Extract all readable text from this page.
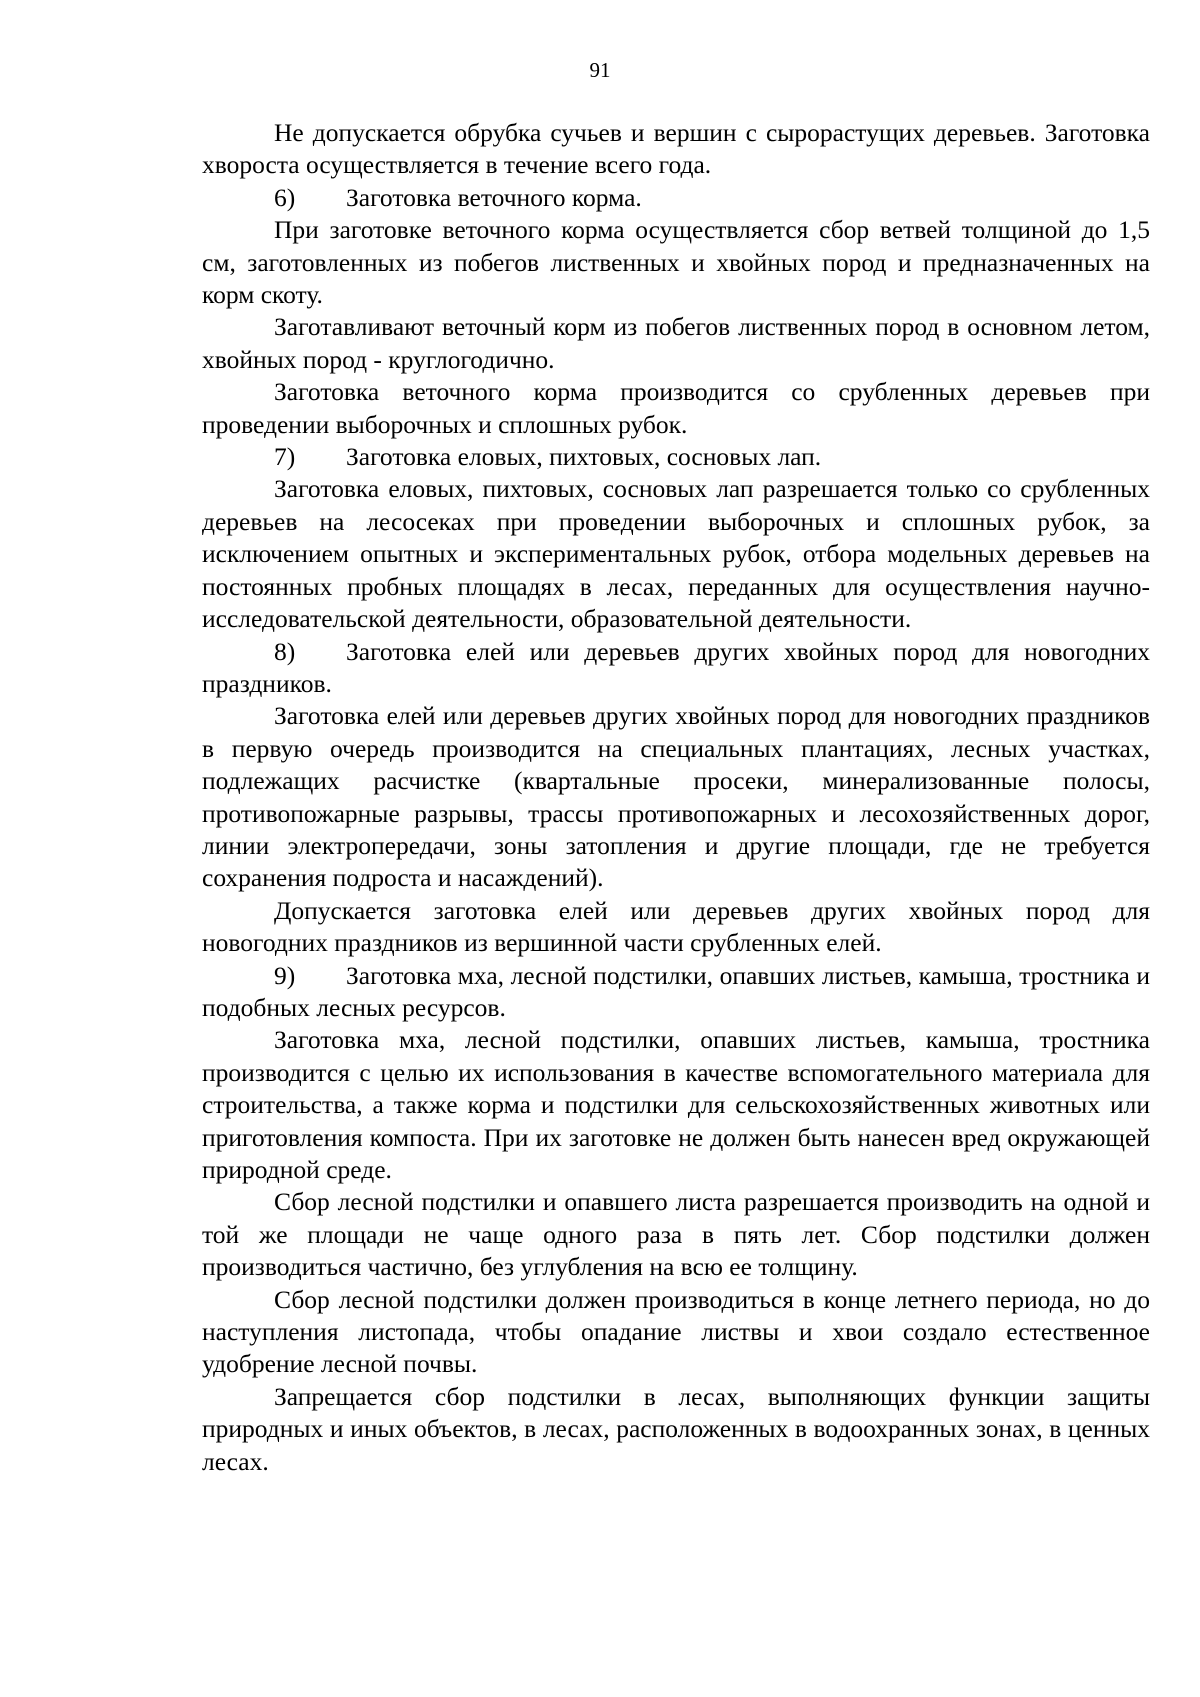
91

Не допускается обрубка сучьев и вершин с сырорастущих деревьев. Заготовка хвороста осуществляется в течение всего года.

6) Заготовка веточного корма.

При заготовке веточного корма осуществляется сбор ветвей толщиной до 1,5 см, заготовленных из побегов лиственных и хвойных пород и предназначенных на корм скоту.

Заготавливают веточный корм из побегов лиственных пород в основном летом, хвойных пород - круглогодично.

Заготовка веточного корма производится со срубленных деревьев при проведении выборочных и сплошных рубок.

7) Заготовка еловых, пихтовых, сосновых лап.

Заготовка еловых, пихтовых, сосновых лап разрешается только со срубленных деревьев на лесосеках при проведении выборочных и сплошных рубок, за исключением опытных и экспериментальных рубок, отбора модельных деревьев на постоянных пробных площадях в лесах, переданных для осуществления научно-исследовательской деятельности, образовательной деятельности.

8) Заготовка елей или деревьев других хвойных пород для новогодних праздников.

Заготовка елей или деревьев других хвойных пород для новогодних праздников в первую очередь производится на специальных плантациях, лесных участках, подлежащих расчистке (квартальные просеки, минерализованные полосы, противопожарные разрывы, трассы противопожарных и лесохозяйственных дорог, линии электропередачи, зоны затопления и другие площади, где не требуется сохранения подроста и насаждений).

Допускается заготовка елей или деревьев других хвойных пород для новогодних праздников из вершинной части срубленных елей.

9) Заготовка мха, лесной подстилки, опавших листьев, камыша, тростника и подобных лесных ресурсов.

Заготовка мха, лесной подстилки, опавших листьев, камыша, тростника производится с целью их использования в качестве вспомогательного материала для строительства, а также корма и подстилки для сельскохозяйственных животных или приготовления компоста. При их заготовке не должен быть нанесен вред окружающей природной среде.

Сбор лесной подстилки и опавшего листа разрешается производить на одной и той же площади не чаще одного раза в пять лет. Сбор подстилки должен производиться частично, без углубления на всю ее толщину.

Сбор лесной подстилки должен производиться в конце летнего периода, но до наступления листопада, чтобы опадание листвы и хвои создало естественное удобрение лесной почвы.

Запрещается сбор подстилки в лесах, выполняющих функции защиты природных и иных объектов, в лесах, расположенных в водоохранных зонах, в ценных лесах.
